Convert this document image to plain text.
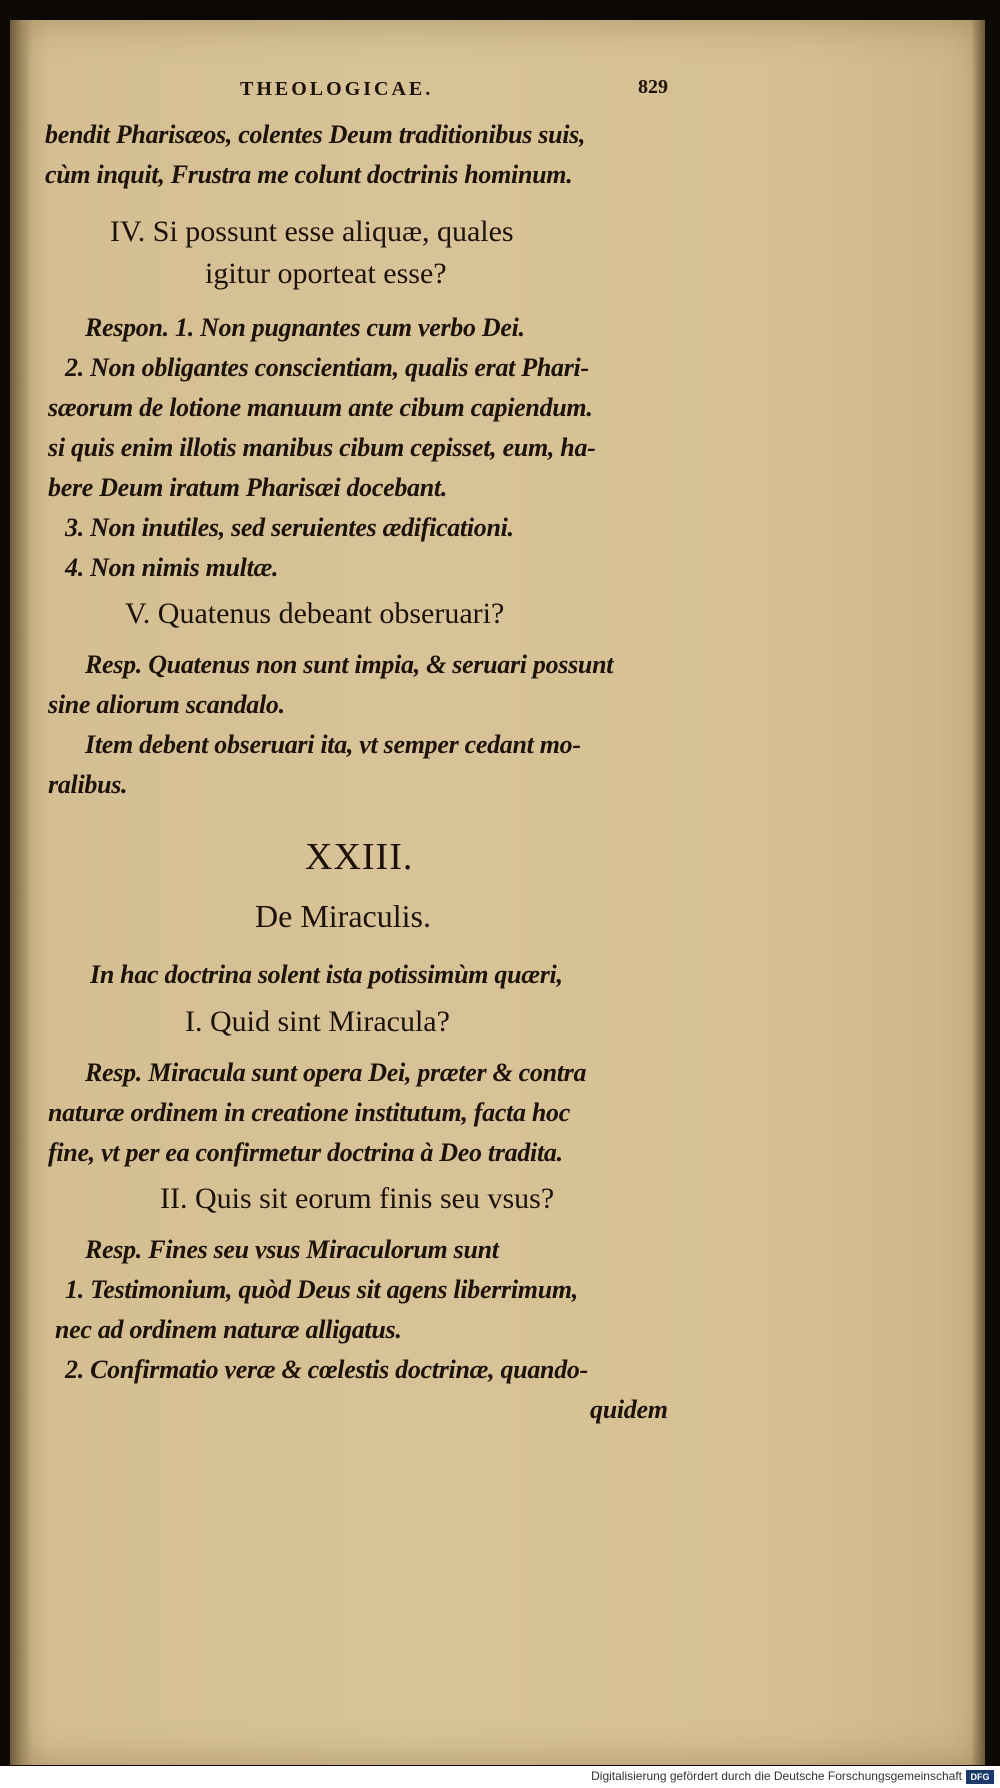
THEOLOGICAE.	829
bendit Pharisæos, colentes Deum traditionibus suis,
cùm inquit, Frustra me colunt doctrinis hominum.
IV. Si possunt esse aliquæ, quales
igitur oporteat esse?
Respon. 1. Non pugnantes cum verbo Dei.
2. Non obligantes conscientiam, qualis erat Phari-
sæorum de lotione manuum ante cibum capiendum.
si quis enim illotis manibus cibum cepisset, eum, ha-
bere Deum iratum Pharisæi docebant.
3. Non inutiles, sed seruientes ædificationi.
4. Non nimis multæ.
V. Quatenus debeant obseruari?
Resp. Quatenus non sunt impia, & seruari possunt
sine aliorum scandalo.
Item debent obseruari ita, vt semper cedant mo-
ralibus.
XXIII.
De Miraculis.
In hac doctrina solent ista potissimùm quæri,
I. Quid sint Miracula?
Resp. Miracula sunt opera Dei, præter & contra
naturæ ordinem in creatione institutum, facta hoc
fine, vt per ea confirmetur doctrina à Deo tradita.
II. Quis sit eorum finis seu vsus?
Resp. Fines seu vsus Miraculorum sunt
1. Testimonium, quòd Deus sit agens liberrimum,
nec ad ordinem naturæ alligatus.
2. Confirmatio veræ & cœlestis doctrinæ, quando-
quidem
Digitalisierung gefördert durch die Deutsche Forschungsgemeinschaft DFG
